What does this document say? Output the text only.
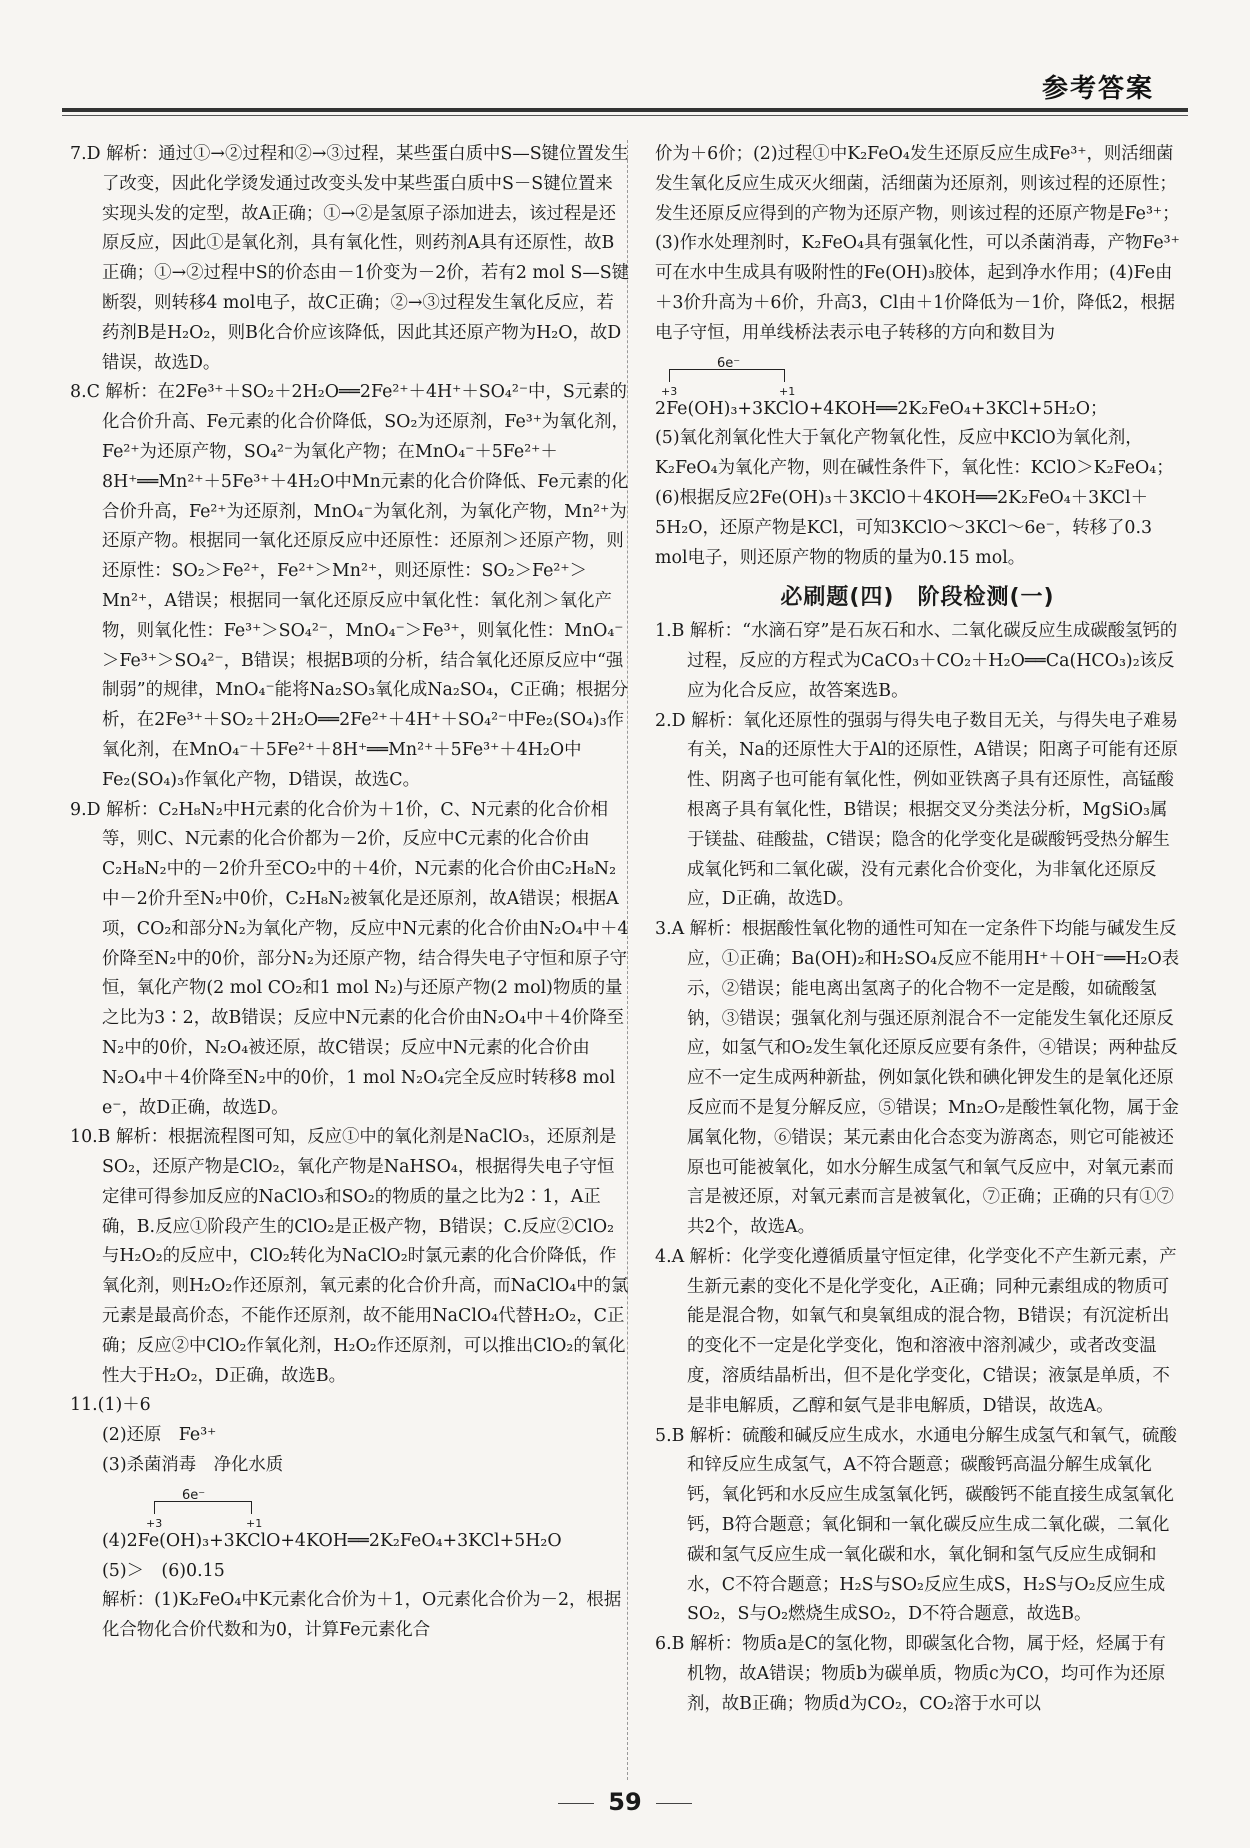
参考答案

7.D 解析：通过①→②过程和②→③过程，某些蛋白质中S—S键位置发生了改变，因此化学烫发通过改变头发中某些蛋白质中S－S键位置来实现头发的定型，故A正确；①→②是氢原子添加进去，该过程是还原反应，因此①是氧化剂，具有氧化性，则药剂A具有还原性，故B正确；①→②过程中S的价态由－1价变为－2价，若有2 mol S—S键断裂，则转移4 mol电子，故C正确；②→③过程发生氧化反应，若药剂B是H₂O₂，则B化合价应该降低，因此其还原产物为H₂O，故D错误，故选D。

8.C 解析：在2Fe³⁺＋SO₂＋2H₂O══2Fe²⁺＋4H⁺＋SO₄²⁻中，S元素的化合价升高、Fe元素的化合价降低，SO₂为还原剂，Fe³⁺为氧化剂，Fe²⁺为还原产物，SO₄²⁻为氧化产物；在MnO₄⁻＋5Fe²⁺＋8H⁺══Mn²⁺＋5Fe³⁺＋4H₂O中Mn元素的化合价降低、Fe元素的化合价升高，Fe²⁺为还原剂，MnO₄⁻为氧化剂，为氧化产物，Mn²⁺为还原产物。根据同一氧化还原反应中还原性：还原剂＞还原产物，则还原性：SO₂＞Fe²⁺，Fe²⁺＞Mn²⁺，则还原性：SO₂＞Fe²⁺＞Mn²⁺，A错误；根据同一氧化还原反应中氧化性：氧化剂＞氧化产物，则氧化性：Fe³⁺＞SO₄²⁻，MnO₄⁻＞Fe³⁺，则氧化性：MnO₄⁻＞Fe³⁺＞SO₄²⁻，B错误；根据B项的分析，结合氧化还原反应中“强制弱”的规律，MnO₄⁻能将Na₂SO₃氧化成Na₂SO₄，C正确；根据分析，在2Fe³⁺＋SO₂＋2H₂O══2Fe²⁺＋4H⁺＋SO₄²⁻中Fe₂(SO₄)₃作氧化剂，在MnO₄⁻＋5Fe²⁺＋8H⁺══Mn²⁺＋5Fe³⁺＋4H₂O中Fe₂(SO₄)₃作氧化产物，D错误，故选C。

9.D 解析：C₂H₈N₂中H元素的化合价为＋1价，C、N元素的化合价相等，则C、N元素的化合价都为－2价，反应中C元素的化合价由C₂H₈N₂中的－2价升至CO₂中的＋4价，N元素的化合价由C₂H₈N₂中－2价升至N₂中0价，C₂H₈N₂被氧化是还原剂，故A错误；根据A项，CO₂和部分N₂为氧化产物，反应中N元素的化合价由N₂O₄中＋4价降至N₂中的0价，部分N₂为还原产物，结合得失电子守恒和原子守恒，氧化产物(2 mol CO₂和1 mol N₂)与还原产物(2 mol)物质的量之比为3∶2，故B错误；反应中N元素的化合价由N₂O₄中＋4价降至N₂中的0价，N₂O₄被还原，故C错误；反应中N元素的化合价由N₂O₄中＋4价降至N₂中的0价，1 mol N₂O₄完全反应时转移8 mol e⁻，故D正确，故选D。

10.B 解析：根据流程图可知，反应①中的氧化剂是NaClO₃，还原剂是SO₂，还原产物是ClO₂，氧化产物是NaHSO₄，根据得失电子守恒定律可得参加反应的NaClO₃和SO₂的物质的量之比为2∶1，A正确，B.反应①阶段产生的ClO₂是正极产物，B错误；C.反应②ClO₂与H₂O₂的反应中，ClO₂转化为NaClO₂时氯元素的化合价降低，作氧化剂，则H₂O₂作还原剂，氧元素的化合价升高，而NaClO₄中的氯元素是最高价态，不能作还原剂，故不能用NaClO₄代替H₂O₂，C正确；反应②中ClO₂作氧化剂，H₂O₂作还原剂，可以推出ClO₂的氧化性大于H₂O₂，D正确，故选B。

11.(1)＋6

(2)还原　Fe³⁺

(3)杀菌消毒　净化水质

6e⁻
+3	+1

(4)2Fe(OH)₃+3KClO+4KOH══2K₂FeO₄+3KCl+5H₂O

(5)＞　(6)0.15

解析：(1)K₂FeO₄中K元素化合价为＋1，O元素化合价为－2，根据化合物化合价代数和为0，计算Fe元素化合

价为＋6价；(2)过程①中K₂FeO₄发生还原反应生成Fe³⁺，则活细菌发生氧化反应生成灭火细菌，活细菌为还原剂，则该过程的还原性；发生还原反应得到的产物为还原产物，则该过程的还原产物是Fe³⁺；(3)作水处理剂时，K₂FeO₄具有强氧化性，可以杀菌消毒，产物Fe³⁺可在水中生成具有吸附性的Fe(OH)₃胶体，起到净水作用；(4)Fe由＋3价升高为＋6价，升高3，Cl由＋1价降低为－1价，降低2，根据电子守恒，用单线桥法表示电子转移的方向和数目为

6e⁻
+3	+1

2Fe(OH)₃+3KClO+4KOH══2K₂FeO₄+3KCl+5H₂O；

(5)氧化剂氧化性大于氧化产物氧化性，反应中KClO为氧化剂，K₂FeO₄为氧化产物，则在碱性条件下，氧化性：KClO＞K₂FeO₄；(6)根据反应2Fe(OH)₃＋3KClO＋4KOH══2K₂FeO₄＋3KCl＋5H₂O，还原产物是KCl，可知3KClO～3KCl～6e⁻，转移了0.3 mol电子，则还原产物的物质的量为0.15 mol。

必刷题(四)　阶段检测(一)

1.B 解析：“水滴石穿”是石灰石和水、二氧化碳反应生成碳酸氢钙的过程，反应的方程式为CaCO₃＋CO₂＋H₂O══Ca(HCO₃)₂该反应为化合反应，故答案选B。

2.D 解析：氧化还原性的强弱与得失电子数目无关，与得失电子难易有关，Na的还原性大于Al的还原性，A错误；阳离子可能有还原性、阴离子也可能有氧化性，例如亚铁离子具有还原性，高锰酸根离子具有氧化性，B错误；根据交叉分类法分析，MgSiO₃属于镁盐、硅酸盐，C错误；隐含的化学变化是碳酸钙受热分解生成氧化钙和二氧化碳，没有元素化合价变化，为非氧化还原反应，D正确，故选D。

3.A 解析：根据酸性氧化物的通性可知在一定条件下均能与碱发生反应，①正确；Ba(OH)₂和H₂SO₄反应不能用H⁺＋OH⁻══H₂O表示，②错误；能电离出氢离子的化合物不一定是酸，如硫酸氢钠，③错误；强氧化剂与强还原剂混合不一定能发生氧化还原反应，如氢气和O₂发生氧化还原反应要有条件，④错误；两种盐反应不一定生成两种新盐，例如氯化铁和碘化钾发生的是氧化还原反应而不是复分解反应，⑤错误；Mn₂O₇是酸性氧化物，属于金属氧化物，⑥错误；某元素由化合态变为游离态，则它可能被还原也可能被氧化，如水分解生成氢气和氧气反应中，对氧元素而言是被还原，对氧元素而言是被氧化，⑦正确；正确的只有①⑦共2个，故选A。

4.A 解析：化学变化遵循质量守恒定律，化学变化不产生新元素，产生新元素的变化不是化学变化，A正确；同种元素组成的物质可能是混合物，如氧气和臭氧组成的混合物，B错误；有沉淀析出的变化不一定是化学变化，饱和溶液中溶剂减少，或者改变温度，溶质结晶析出，但不是化学变化，C错误；液氯是单质，不是非电解质，乙醇和氨气是非电解质，D错误，故选A。

5.B 解析：硫酸和碱反应生成水，水通电分解生成氢气和氧气，硫酸和锌反应生成氢气，A不符合题意；碳酸钙高温分解生成氧化钙，氧化钙和水反应生成氢氧化钙，碳酸钙不能直接生成氢氧化钙，B符合题意；氧化铜和一氧化碳反应生成二氧化碳，二氧化碳和氢气反应生成一氧化碳和水，氧化铜和氢气反应生成铜和水，C不符合题意；H₂S与SO₂反应生成S，H₂S与O₂反应生成SO₂，S与O₂燃烧生成SO₂，D不符合题意，故选B。

6.B 解析：物质a是C的氢化物，即碳氢化合物，属于烃，烃属于有机物，故A错误；物质b为碳单质，物质c为CO，均可作为还原剂，故B正确；物质d为CO₂，CO₂溶于水可以

59
